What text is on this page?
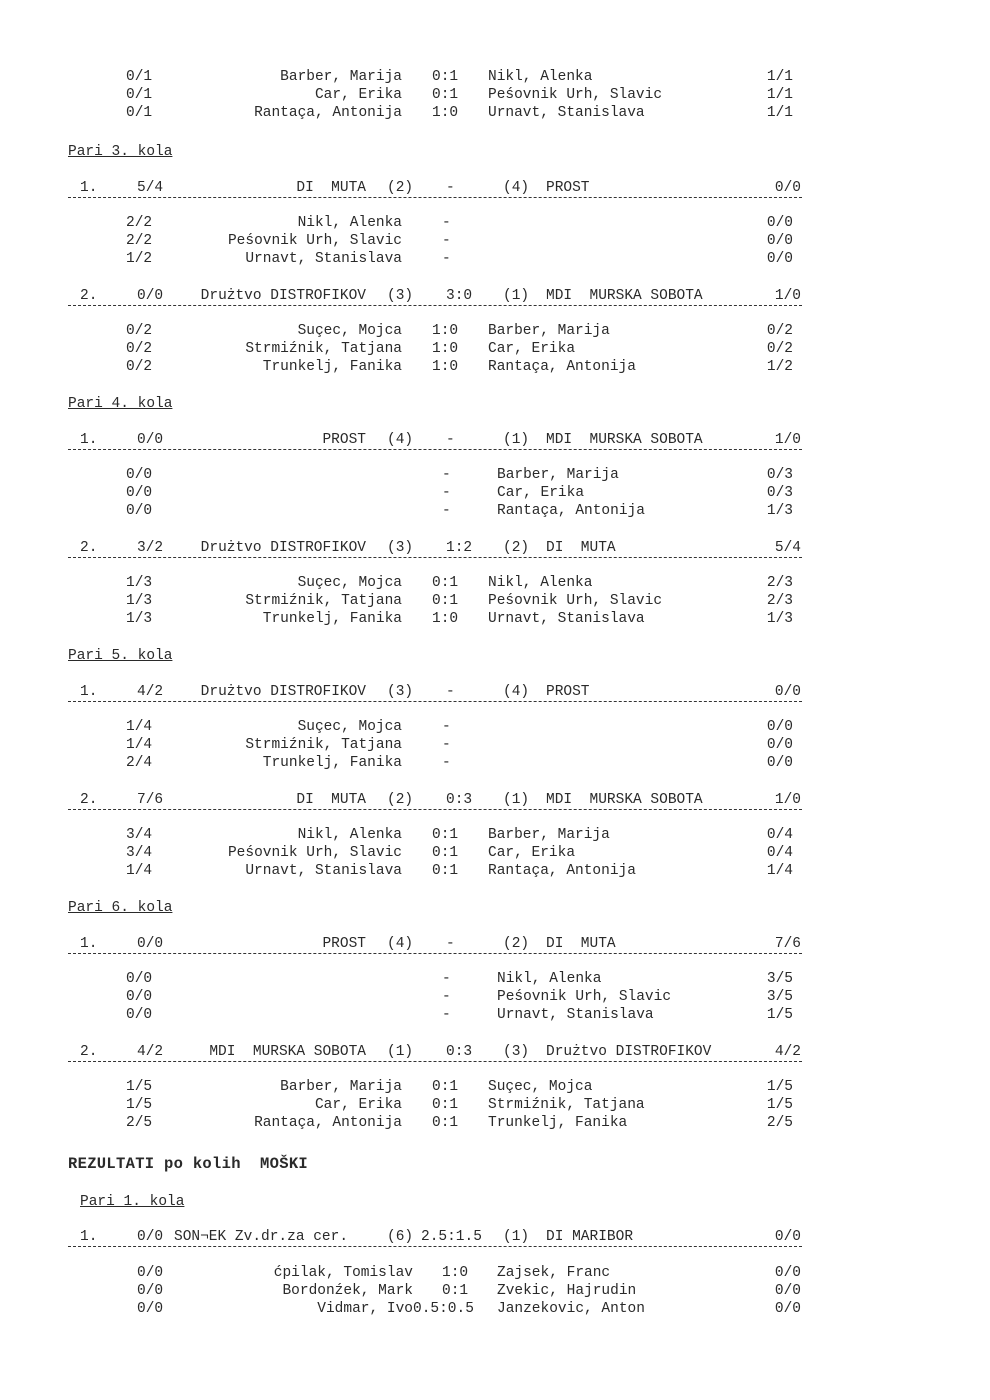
0/1	Barber, Marija 0:1 Nikl, Alenka	1/1
0/1	Car, Erika 0:1 Peśovnik Urh, Slavic	1/1
0/1	Rantaça, Antonija 1:0 Urnavt, Stanislava	1/1
Pari 3. kola
1.	5/4	DI  MUTA (2) -	(4) PROST	0/0
2/2	Nikl, Alenka	-	0/0
2/2	Peśovnik Urh, Slavic	-	0/0
1/2	Urnavt, Stanislava	-	0/0
2.	0/0	Drużtvo DISTROFIKOV (3) 3:0 (1) MDI  MURSKA SOBOTA	1/0
0/2	Suçec, Mojca 1:0 Barber, Marija	0/2
0/2	Strmiźnik, Tatjana 1:0 Car, Erika	0/2
0/2	Trunkelj, Fanika 1:0 Rantaça, Antonija	1/2
Pari 4. kola
1.	0/0	PROST (4) -	(1) MDI  MURSKA SOBOTA	1/0
0/0	-	Barber, Marija	0/3
0/0	-	Car, Erika	0/3
0/0	-	Rantaça, Antonija	1/3
2.	3/2	Drużtvo DISTROFIKOV (3) 1:2 (2) DI  MUTA	5/4
1/3	Suçec, Mojca 0:1 Nikl, Alenka	2/3
1/3	Strmiźnik, Tatjana 0:1 Peśovnik Urh, Slavic	2/3
1/3	Trunkelj, Fanika 1:0 Urnavt, Stanislava	1/3
Pari 5. kola
1.	4/2	Drużtvo DISTROFIKOV (3) -	(4) PROST	0/0
1/4	Suçec, Mojca	-	0/0
1/4	Strmiźnik, Tatjana	-	0/0
2/4	Trunkelj, Fanika	-	0/0
2.	7/6	DI  MUTA (2) 0:3 (1) MDI  MURSKA SOBOTA	1/0
3/4	Nikl, Alenka 0:1 Barber, Marija	0/4
3/4	Peśovnik Urh, Slavic 0:1 Car, Erika	0/4
1/4	Urnavt, Stanislava 0:1 Rantaça, Antonija	1/4
Pari 6. kola
1.	0/0	PROST (4) -	(2) DI  MUTA	7/6
0/0	-	Nikl, Alenka	3/5
0/0	-	Peśovnik Urh, Slavic	3/5
0/0	-	Urnavt, Stanislava	1/5
2.	4/2	MDI  MURSKA SOBOTA (1) 0:3 (3) Drużtvo DISTROFIKOV	4/2
1/5	Barber, Marija 0:1 Suçec, Mojca	1/5
1/5	Car, Erika 0:1 Strmiźnik, Tatjana	1/5
2/5	Rantaça, Antonija 0:1 Trunkelj, Fanika	2/5
REZULTATI po kolih  MOŠKI
Pari 1. kola
1.	0/0 SON¬EK Zv.dr.za cer.	(6) 2.5:1.5 (1) DI MARIBOR	0/0
0/0	ćpilak, Tomislav 1:0 Zajsek, Franc	0/0
0/0	Bordonźek, Mark 0:1 Zvekic, Hajrudin	0/0
0/0	Vidmar, Ivo 0.5:0.5 Janzekovic, Anton	0/0
